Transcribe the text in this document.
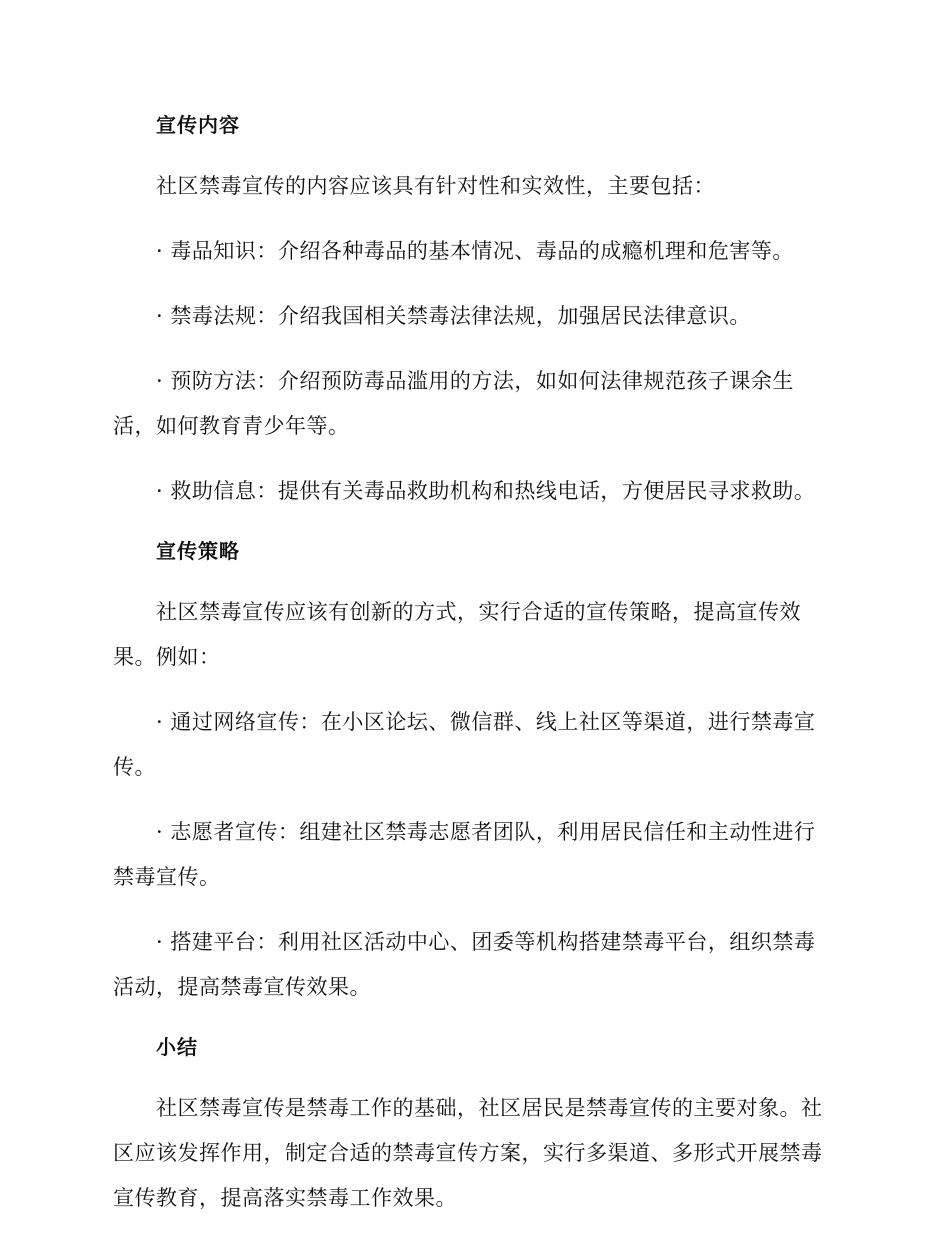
宣传内容

社区禁毒宣传的内容应该具有针对性和实效性，主要包括：

· 毒品知识：介绍各种毒品的基本情况、毒品的成瘾机理和危害等。

· 禁毒法规：介绍我国相关禁毒法律法规，加强居民法律意识。

· 预防方法：介绍预防毒品滥用的方法，如如何法律规范孩子课余生活，如何教育青少年等。

· 救助信息：提供有关毒品救助机构和热线电话，方便居民寻求救助。

宣传策略

社区禁毒宣传应该有创新的方式，实行合适的宣传策略，提高宣传效果。例如：

· 通过网络宣传：在小区论坛、微信群、线上社区等渠道，进行禁毒宣传。

· 志愿者宣传：组建社区禁毒志愿者团队，利用居民信任和主动性进行禁毒宣传。

· 搭建平台：利用社区活动中心、团委等机构搭建禁毒平台，组织禁毒活动，提高禁毒宣传效果。

小结

社区禁毒宣传是禁毒工作的基础，社区居民是禁毒宣传的主要对象。社区应该发挥作用，制定合适的禁毒宣传方案，实行多渠道、多形式开展禁毒宣传教育，提高落实禁毒工作效果。
